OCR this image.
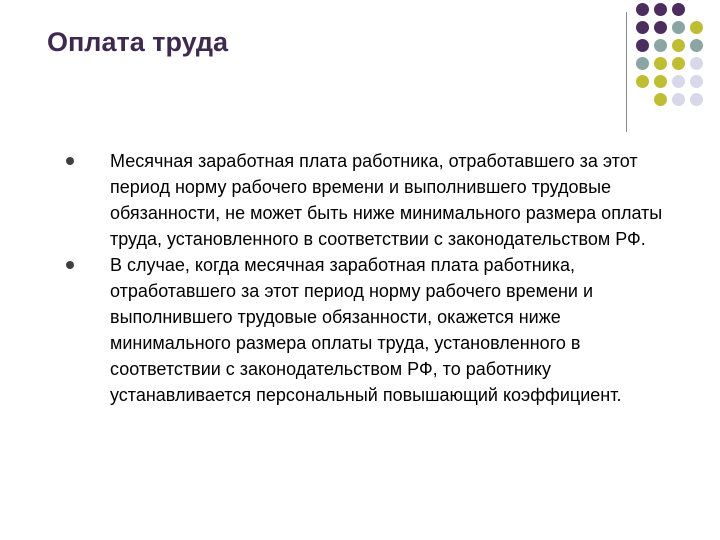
Оплата труда
Месячная заработная плата работника, отработавшего за этот период норму рабочего времени и выполнившего трудовые обязанности, не может быть ниже минимального размера оплаты труда, установленного в соответствии с законодательством РФ.
В случае, когда месячная заработная плата работника, отработавшего за этот период норму рабочего времени и выполнившего трудовые обязанности, окажется ниже минимального размера оплаты труда, установленного в соответствии с законодательством РФ, то работнику устанавливается персональный повышающий коэффициент.
